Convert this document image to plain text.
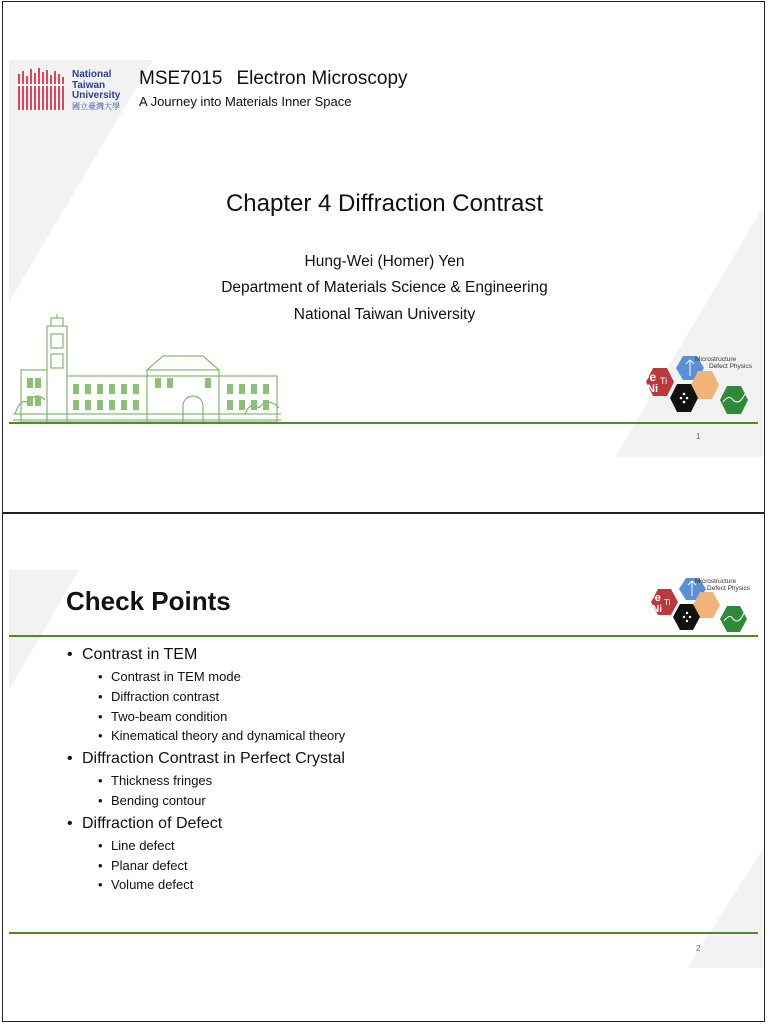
National
Taiwan
University
國立臺灣大學
MSE7015 Electron Microscopy
A Journey into Materials Inner Space
Chapter 4 Diffraction Contrast
Hung-Wei (Homer) Yen
Department of Materials Science & Engineering
National Taiwan University
Fe
Ni
Ti
Microstructure
Defect Physics
1
Check Points	Fe
Ni
Ti
Microstructure
Defect Physics
• Contrast in TEM
• Contrast in TEM mode
• Diffraction contrast
• Two-beam condition
• Kinematical theory and dynamical theory
• Diffraction Contrast in Perfect Crystal
• Thickness fringes
• Bending contour
• Diffraction of Defect
• Line defect
• Planar defect
• Volume defect
2
